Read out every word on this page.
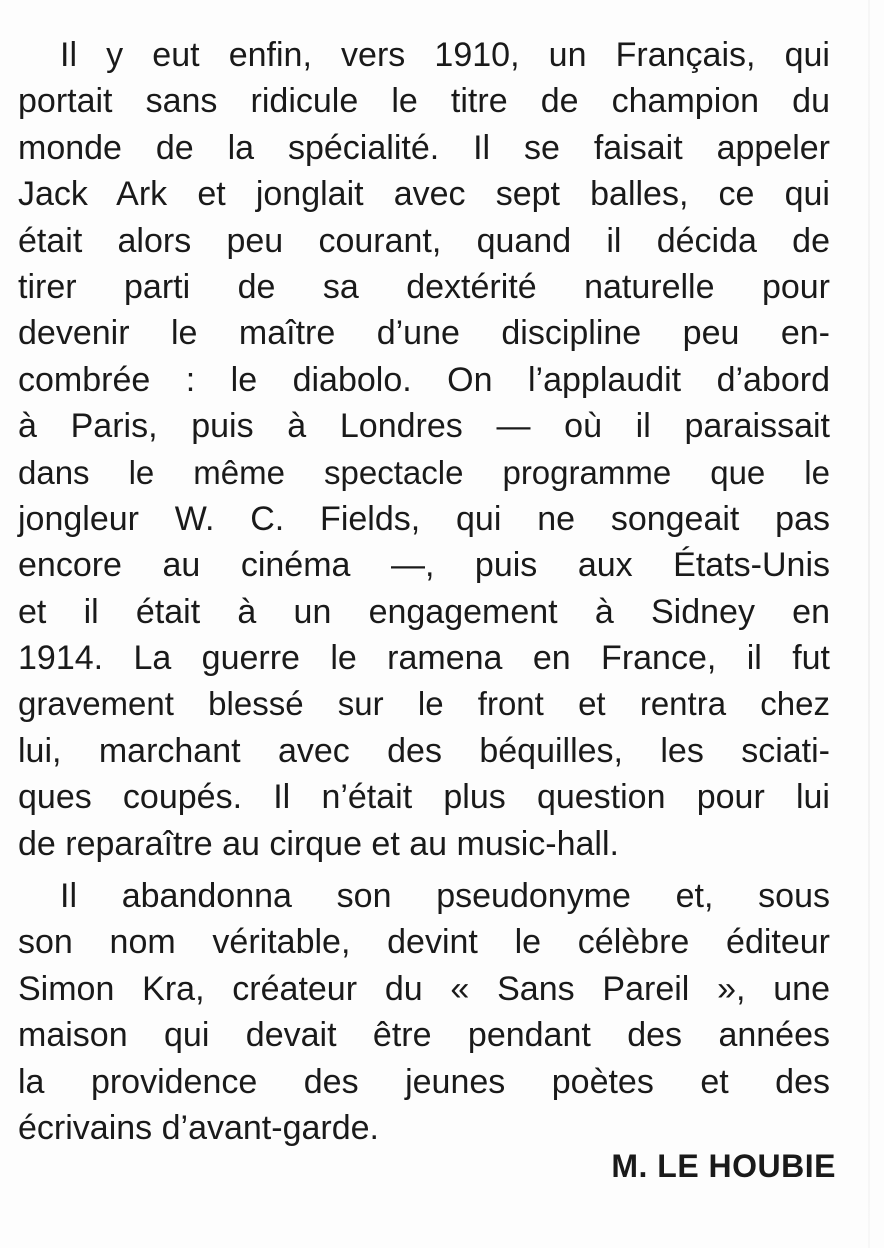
Il y eut enfin, vers 1910, un Français, qui
portait sans ridicule le titre de champion du
monde de la spécialité. Il se faisait appeler
Jack Ark et jonglait avec sept balles, ce qui
était alors peu courant, quand il décida de
tirer parti de sa dextérité naturelle pour
devenir le maître d’une discipline peu en-
combrée : le diabolo. On l’applaudit d’abord
à Paris, puis à Londres — où il paraissait
dans le même spectacle programme que le
jongleur W. C. Fields, qui ne songeait pas
encore au cinéma —, puis aux États-Unis
et il était à un engagement à Sidney en
1914. La guerre le ramena en France, il fut
gravement blessé sur le front et rentra chez
lui, marchant avec des béquilles, les sciati-
ques coupés. Il n’était plus question pour lui
de reparaître au cirque et au music-hall.
Il abandonna son pseudonyme et, sous
son nom véritable, devint le célèbre éditeur
Simon Kra, créateur du « Sans Pareil », une
maison qui devait être pendant des années
la providence des jeunes poètes et des
écrivains d’avant-garde.
M. LE HOUBIE
